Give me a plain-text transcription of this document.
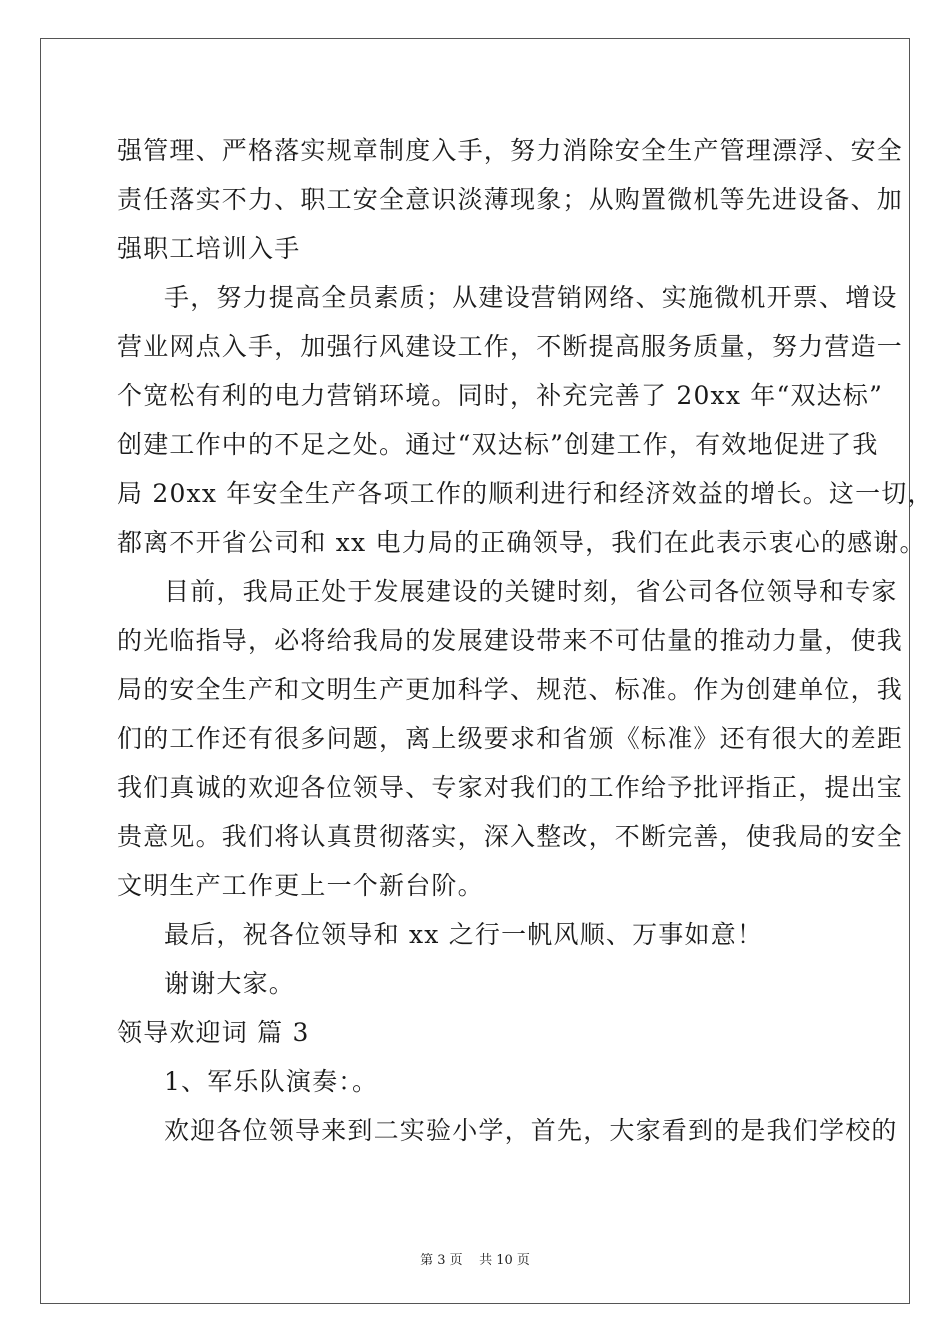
强管理、严格落实规章制度入手，努力消除安全生产管理漂浮、安全
责任落实不力、职工安全意识淡薄现象；从购置微机等先进设备、加
强职工培训入手
手，努力提高全员素质；从建设营销网络、实施微机开票、增设
营业网点入手，加强行风建设工作，不断提高服务质量，努力营造一
个宽松有利的电力营销环境。同时，补充完善了 20xx 年“双达标”
创建工作中的不足之处。通过“双达标”创建工作，有效地促进了我
局 20xx 年安全生产各项工作的顺利进行和经济效益的增长。这一切，
都离不开省公司和 xx 电力局的正确领导，我们在此表示衷心的感谢。
目前，我局正处于发展建设的关键时刻，省公司各位领导和专家
的光临指导，必将给我局的发展建设带来不可估量的推动力量，使我
局的安全生产和文明生产更加科学、规范、标准。作为创建单位，我
们的工作还有很多问题，离上级要求和省颁《标准》还有很大的差距
我们真诚的欢迎各位领导、专家对我们的工作给予批评指正，提出宝
贵意见。我们将认真贯彻落实，深入整改，不断完善，使我局的安全
文明生产工作更上一个新台阶。
最后，祝各位领导和 xx 之行一帆风顺、万事如意！
谢谢大家。
领导欢迎词 篇 3
1、军乐队演奏：。
欢迎各位领导来到二实验小学，首先，大家看到的是我们学校的
第 3 页    共 10 页
